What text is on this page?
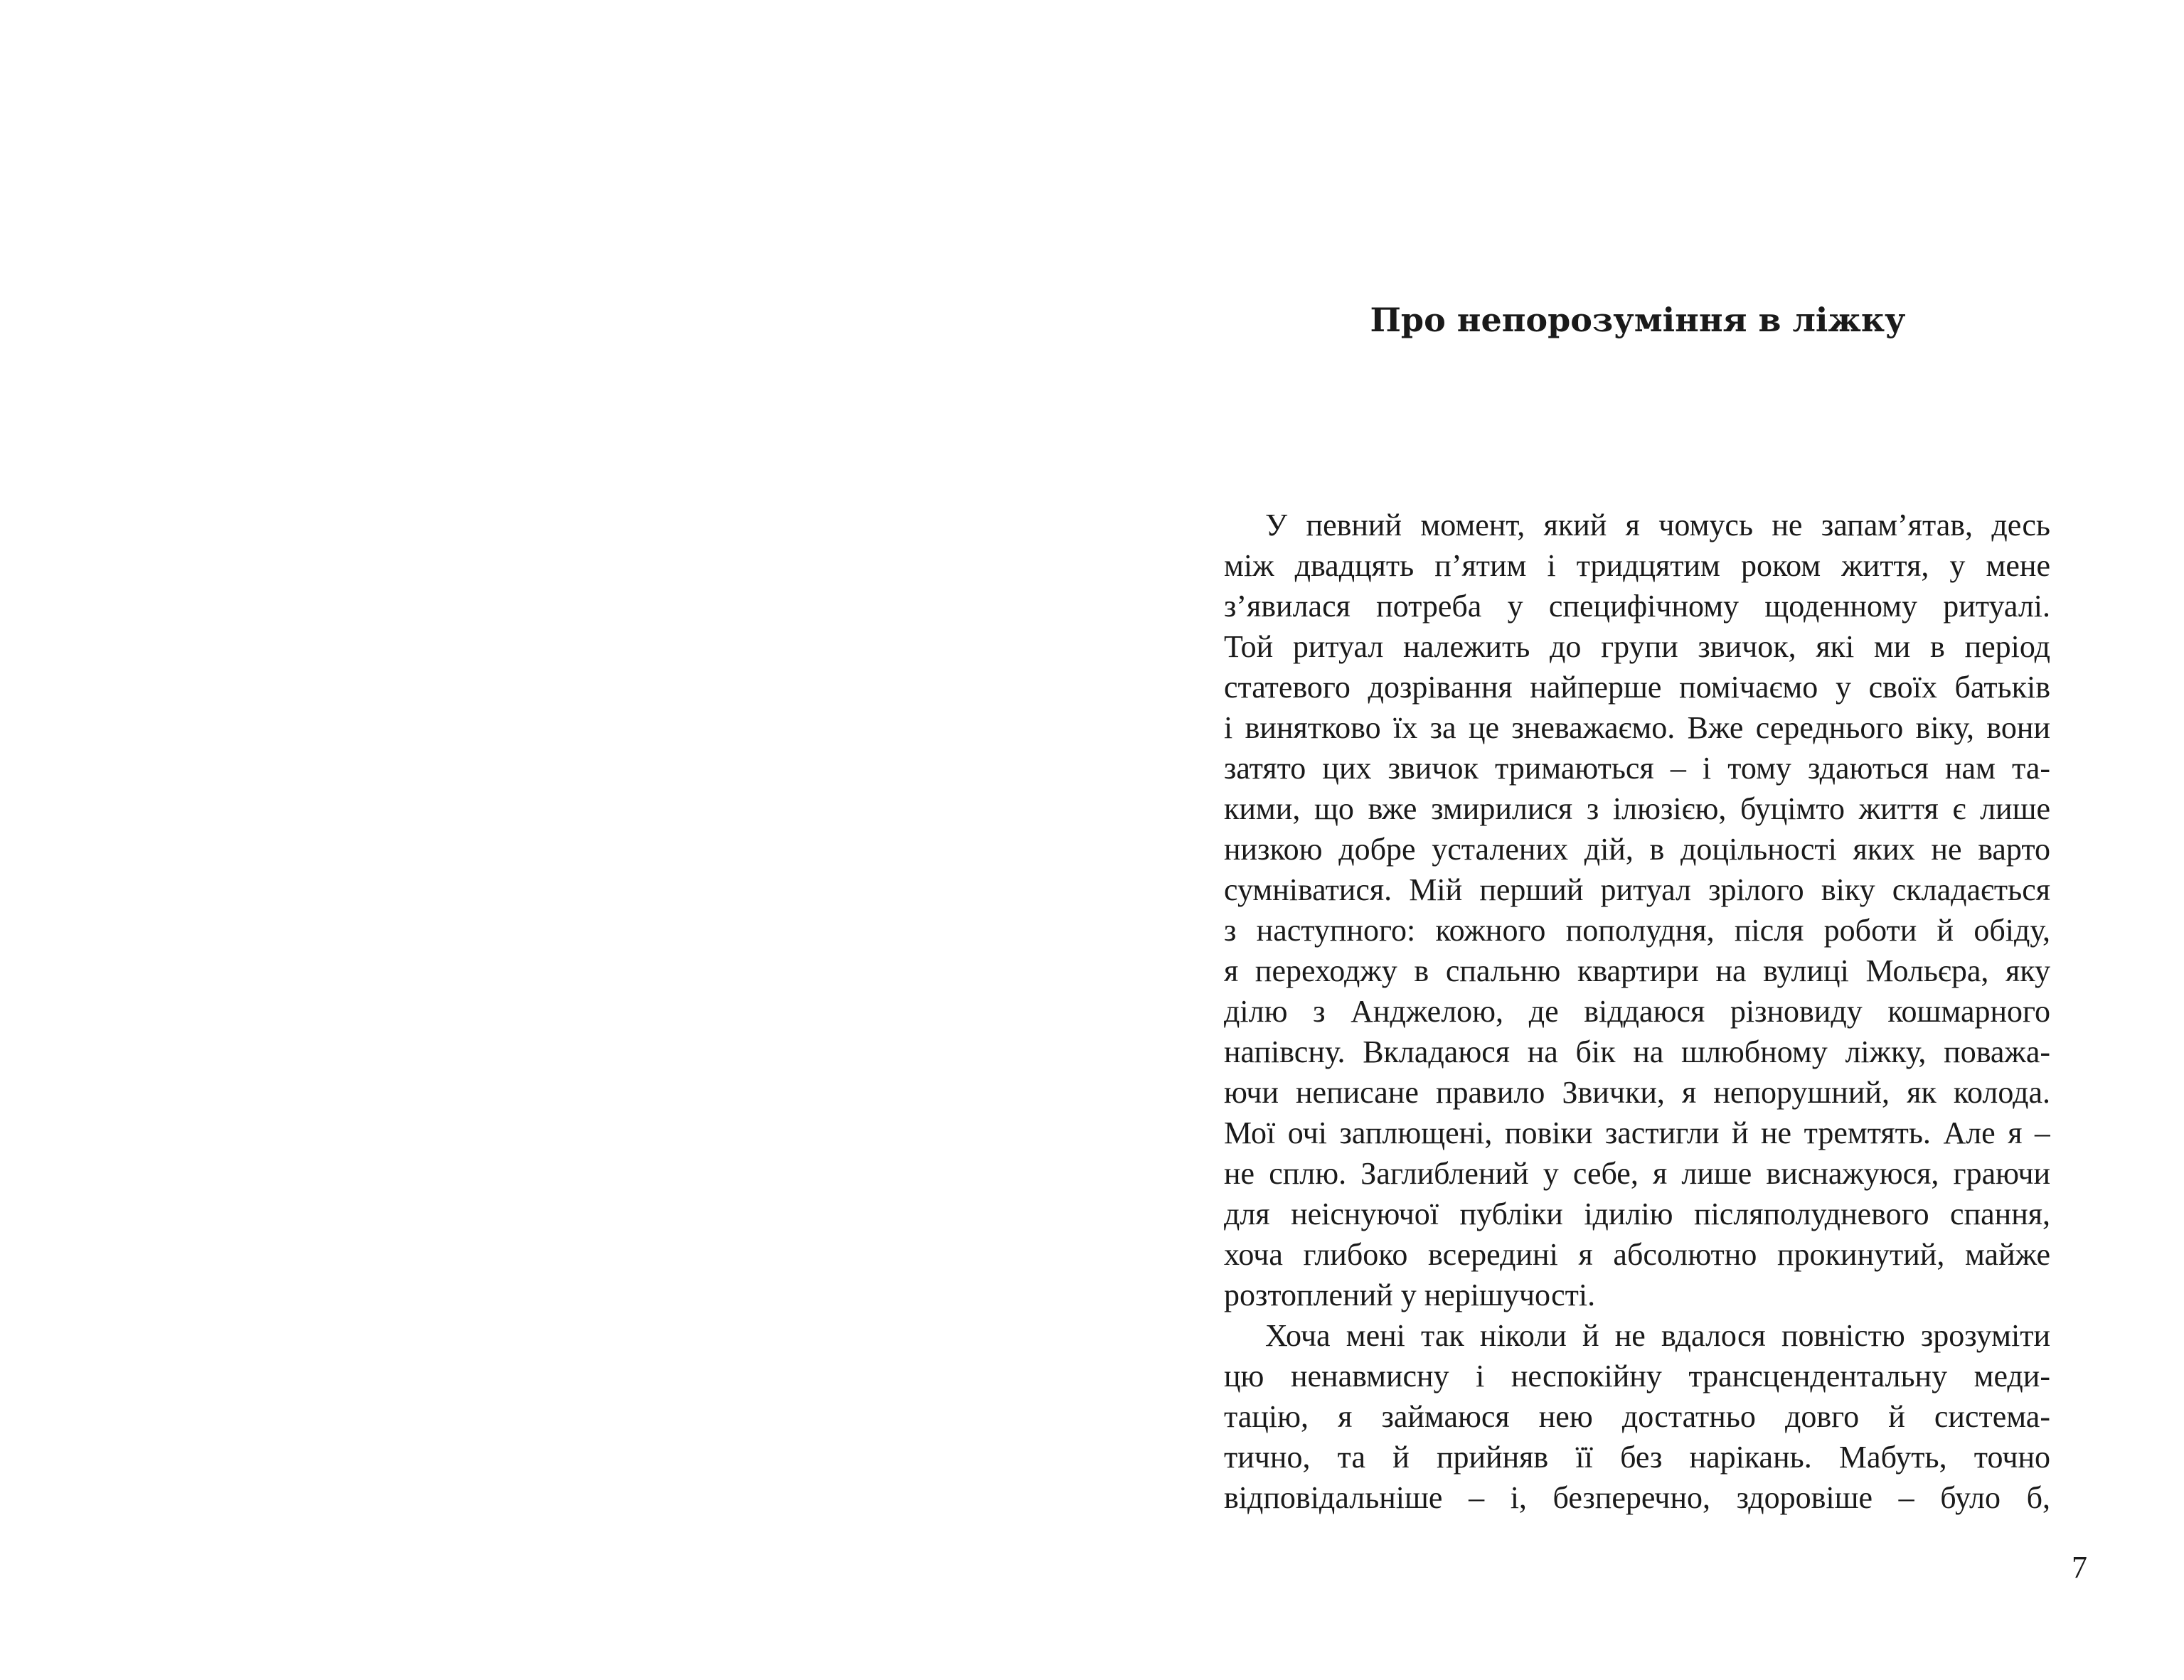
Про непорозуміння в ліжку
У певний момент, який я чомусь не запам’ятав, десь
між двадцять п’ятим і тридцятим роком життя, у мене
з’явилася потреба у специфічному щоденному ритуалі.
Той ритуал належить до групи звичок, які ми в період
статевого дозрівання найперше помічаємо у своїх батьків
і винятково їх за це зневажаємо. Вже середнього віку, вони
затято цих звичок тримаються – і тому здаються нам та-
кими, що вже змирилися з ілюзією, буцімто життя є лише
низкою добре усталених дій, в доцільності яких не варто
сумніватися. Мій перший ритуал зрілого віку складається
з наступного: кожного пополудня, після роботи й обіду,
я переходжу в спальню квартири на вулиці Мольєра, яку
ділю з Анджелою, де віддаюся різновиду кошмарного
напівсну. Вкладаюся на бік на шлюбному ліжку, поважа-
ючи неписане правило Звички, я непорушний, як колода.
Мої очі заплющені, повіки застигли й не тремтять. Але я –
не сплю. Заглиблений у себе, я лише виснажуюся, граючи
для неіснуючої публіки ідилію післяполудневого спання,
хоча глибоко всередині я абсолютно прокинутий, майже
розтоплений у нерішучості.
Хоча мені так ніколи й не вдалося повністю зрозуміти
цю ненавмисну і неспокійну трансцендентальну меди-
тацію, я займаюся нею достатньо довго й система-
тично, та й прийняв її без нарікань. Мабуть, точно
відповідальніше – і, безперечно, здоровіше – було б,
7
